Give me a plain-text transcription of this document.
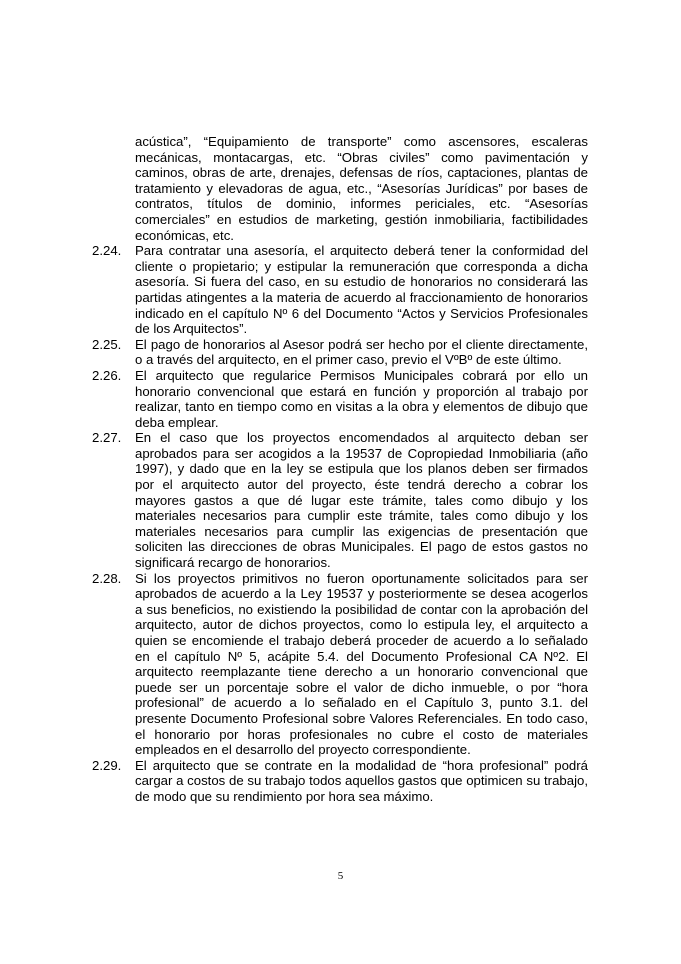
acústica”, “Equipamiento de transporte” como ascensores, escaleras mecánicas, montacargas, etc. “Obras civiles” como pavimentación y caminos, obras de arte, drenajes, defensas de ríos, captaciones, plantas de tratamiento y elevadoras de agua, etc., “Asesorías Jurídicas” por bases de contratos, títulos de dominio, informes periciales, etc. “Asesorías comerciales” en estudios de marketing, gestión inmobiliaria, factibilidades económicas, etc.

2.24.	Para contratar una asesoría, el arquitecto deberá tener la conformidad del cliente o propietario; y estipular la remuneración que corresponda a dicha asesoría. Si fuera del caso, en su estudio de honorarios no considerará las partidas atingentes a la materia de acuerdo al fraccionamiento de honorarios indicado en el capítulo Nº 6 del Documento “Actos y Servicios Profesionales de los Arquitectos”.

2.25.	El pago de honorarios al Asesor podrá ser hecho por el cliente directamente, o a través del arquitecto, en el primer caso, previo el VºBº de este último.

2.26.	El arquitecto que regularice Permisos Municipales cobrará por ello un honorario convencional que estará en función y proporción al trabajo por realizar, tanto en tiempo como en visitas a la obra y elementos de dibujo que deba emplear.

2.27.	En el caso que los proyectos encomendados al arquitecto deban ser aprobados para ser acogidos a la 19537 de Copropiedad Inmobiliaria (año 1997), y dado que en la ley se estipula que los planos deben ser firmados por el arquitecto autor del proyecto, éste tendrá derecho a cobrar los mayores gastos a que dé lugar este trámite, tales como dibujo y los materiales necesarios para cumplir este trámite, tales como dibujo y los materiales necesarios para cumplir las exigencias de presentación que soliciten las direcciones de obras Municipales. El pago de estos gastos no significará recargo de honorarios.

2.28.	Si los proyectos primitivos no fueron oportunamente solicitados para ser aprobados de acuerdo a la Ley 19537 y posteriormente se desea acogerlos a sus beneficios, no existiendo la posibilidad de contar con la aprobación del arquitecto, autor de dichos proyectos, como lo estipula ley, el arquitecto a quien se encomiende el trabajo deberá proceder de acuerdo a lo señalado en el capítulo Nº 5, acápite 5.4. del Documento Profesional CA Nº2. El arquitecto reemplazante tiene derecho a un honorario convencional que puede ser un porcentaje sobre el valor de dicho inmueble, o por “hora profesional” de acuerdo a lo señalado en el Capítulo 3, punto 3.1. del presente Documento Profesional sobre Valores Referenciales. En todo caso, el honorario por horas profesionales no cubre el costo de materiales empleados en el desarrollo del proyecto correspondiente.

2.29.	El arquitecto que se contrate en la modalidad de “hora profesional” podrá cargar a costos de su trabajo todos aquellos gastos que optimicen su trabajo, de modo que su rendimiento por hora sea máximo.

5
